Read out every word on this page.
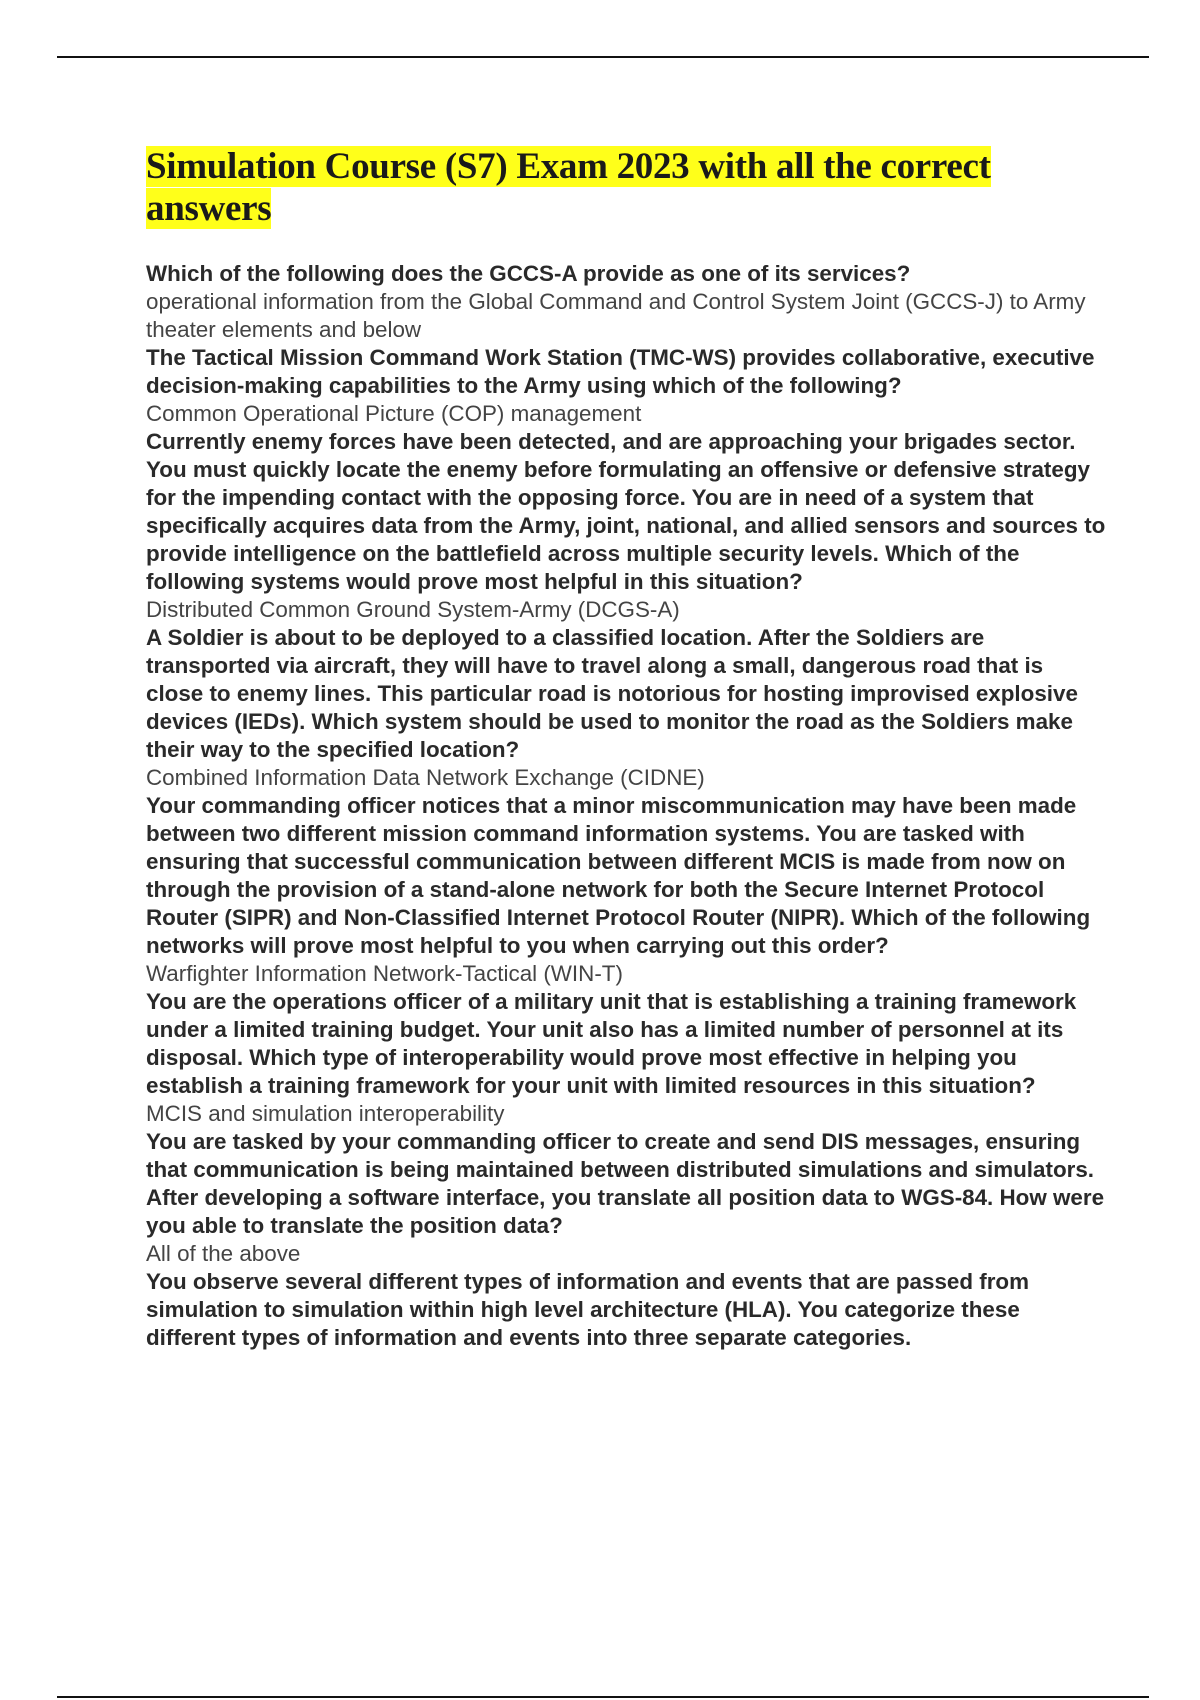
Simulation Course (S7) Exam 2023 with all the correct answers

Which of the following does the GCCS-A provide as one of its services?

operational information from the Global Command and Control System Joint (GCCS-J) to Army theater elements and below

The Tactical Mission Command Work Station (TMC-WS) provides collaborative, executive decision-making capabilities to the Army using which of the following?

Common Operational Picture (COP) management

Currently enemy forces have been detected, and are approaching your brigades sector. You must quickly locate the enemy before formulating an offensive or defensive strategy for the impending contact with the opposing force. You are in need of a system that specifically acquires data from the Army, joint, national, and allied sensors and sources to provide intelligence on the battlefield across multiple security levels. Which of the following systems would prove most helpful in this situation?

Distributed Common Ground System-Army (DCGS-A)

A Soldier is about to be deployed to a classified location. After the Soldiers are transported via aircraft, they will have to travel along a small, dangerous road that is close to enemy lines. This particular road is notorious for hosting improvised explosive devices (IEDs). Which system should be used to monitor the road as the Soldiers make their way to the specified location?

Combined Information Data Network Exchange (CIDNE)

Your commanding officer notices that a minor miscommunication may have been made between two different mission command information systems. You are tasked with ensuring that successful communication between different MCIS is made from now on through the provision of a stand-alone network for both the Secure Internet Protocol Router (SIPR) and Non-Classified Internet Protocol Router (NIPR). Which of the following networks will prove most helpful to you when carrying out this order?

Warfighter Information Network-Tactical (WIN-T)

You are the operations officer of a military unit that is establishing a training framework under a limited training budget. Your unit also has a limited number of personnel at its disposal. Which type of interoperability would prove most effective in helping you establish a training framework for your unit with limited resources in this situation?

MCIS and simulation interoperability

You are tasked by your commanding officer to create and send DIS messages, ensuring that communication is being maintained between distributed simulations and simulators. After developing a software interface, you translate all position data to WGS-84. How were you able to translate the position data?

All of the above

You observe several different types of information and events that are passed from simulation to simulation within high level architecture (HLA). You categorize these different types of information and events into three separate categories.
